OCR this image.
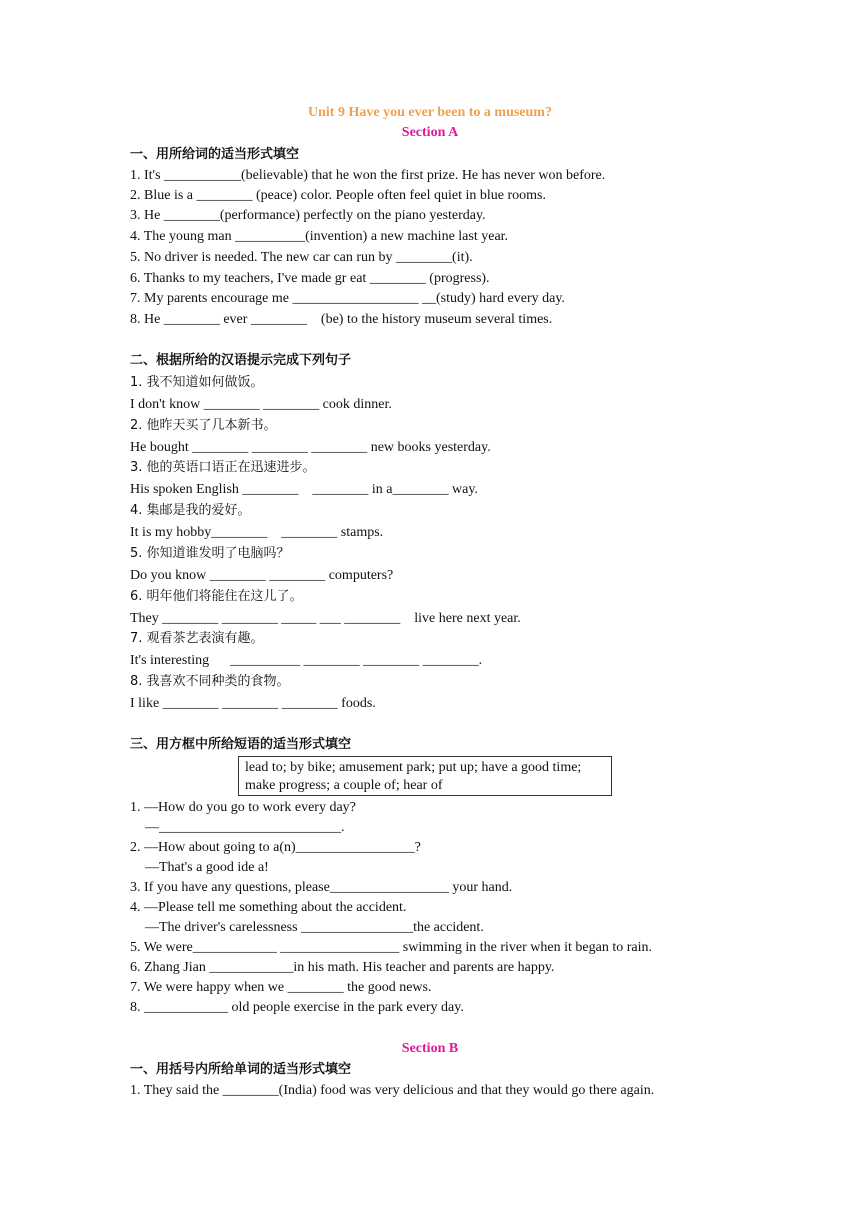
Unit 9 Have you ever been to a museum?
Section A
一、用所给词的适当形式填空
1. It's ___________(believable) that he won the first prize. He has never won before.
2. Blue is a ________ (peace) color. People often feel quiet in blue rooms.
3. He ________(performance) perfectly on the piano yesterday.
4. The young man __________(invention) a new machine last year.
5. No driver is needed. The new car can run by ________(it).
6. Thanks to my teachers, I've made gr eat ________ (progress).
7. My parents encourage me __________________ __(study) hard every day.
8. He ________ ever ________    (be) to the history museum several times.
二、根据所给的汉语提示完成下列句子
1. 我不知道如何做饭。
I don't know ________ ________ cook dinner.
2. 他昨天买了几本新书。
He bought ________ ________ ________ new books yesterday.
3. 他的英语口语正在迅速进步。
His spoken English ________    ________ in a________ way.
4. 集邮是我的爱好。
It is my hobby________    ________ stamps.
5. 你知道谁发明了电脑吗？
Do you know ________ ________ computers?
6. 明年他们将能住在这儿了。
They ________ ________ _____ ___ ________    live here next year.
7. 观看茶艺表演有趣。
It's interesting      __________ ________ ________ ________.
8. 我喜欢不同种类的食物。
I like ________ ________ ________ foods.
三、用方框中所给短语的适当形式填空
lead to; by bike; amusement park; put up; have a good time;
make progress; a couple of; hear of
1. —How do you go to work every day?
—__________________________.
2. —How about going to a(n)_________________?
—That's a good ide a!
3. If you have any questions, please_________________ your hand.
4. —Please tell me something about the accident.
—The driver's carelessness ________________the accident.
5. We were____________ _________________ swimming in the river when it began to rain.
6. Zhang Jian ____________in his math. His teacher and parents are happy.
7. We were happy when we ________ the good news.
8. ____________ old people exercise in the park every day.
Section B
一、用括号内所给单词的适当形式填空
1. They said the ________(India) food was very delicious and that they would go there again.
